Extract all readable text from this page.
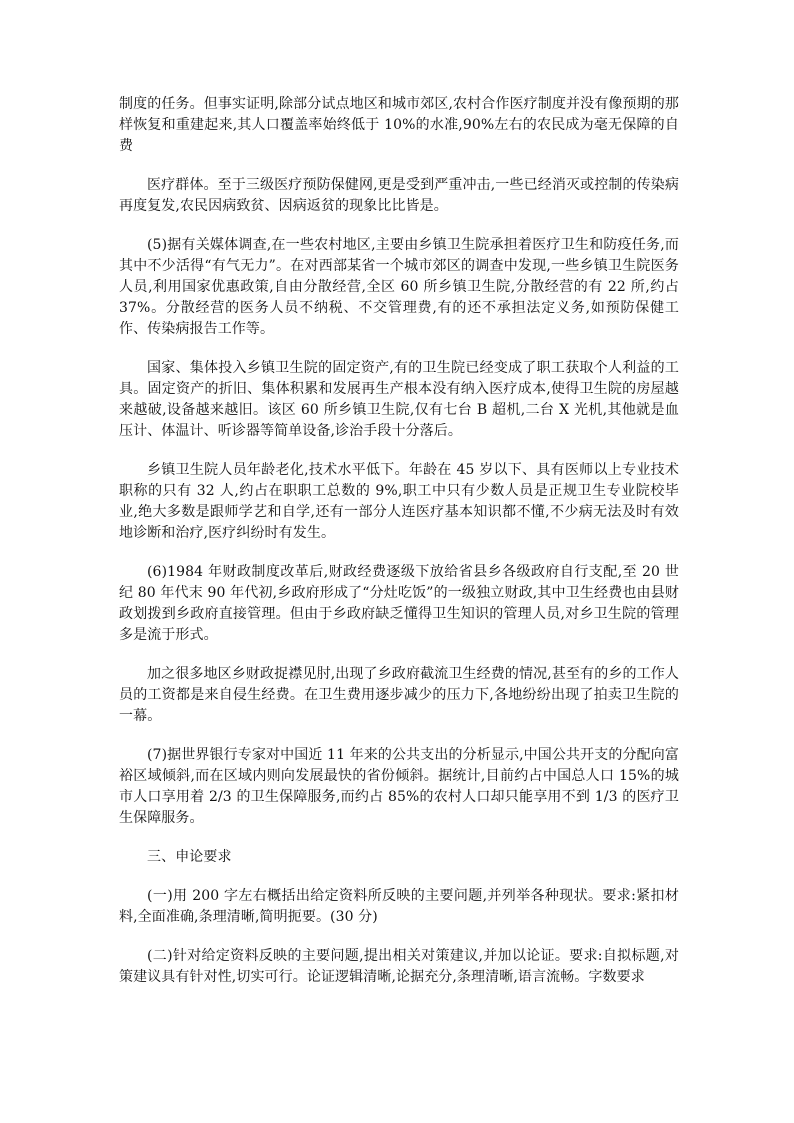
制度的任务。但事实证明,除部分试点地区和城市郊区,农村合作医疗制度并没有像预期的那样恢复和重建起来,其人口覆盖率始终低于 10%的水准,90%左右的农民成为毫无保障的自费

医疗群体。至于三级医疗预防保健网,更是受到严重冲击,一些已经消灭或控制的传染病再度复发,农民因病致贫、因病返贫的现象比比皆是。

(5)据有关媒体调查,在一些农村地区,主要由乡镇卫生院承担着医疗卫生和防疫任务,而其中不少活得“有气无力”。在对西部某省一个城市郊区的调查中发现,一些乡镇卫生院医务人员,利用国家优惠政策,自由分散经营,全区 60 所乡镇卫生院,分散经营的有 22 所,约占 37%。分散经营的医务人员不纳税、不交管理费,有的还不承担法定义务,如预防保健工作、传染病报告工作等。

国家、集体投入乡镇卫生院的固定资产,有的卫生院已经变成了职工获取个人利益的工具。固定资产的折旧、集体积累和发展再生产根本没有纳入医疗成本,使得卫生院的房屋越来越破,设备越来越旧。该区 60 所乡镇卫生院,仅有七台 B 超机,二台 X 光机,其他就是血压计、体温计、听诊器等简单设备,诊治手段十分落后。

乡镇卫生院人员年龄老化,技术水平低下。年龄在 45 岁以下、具有医师以上专业技术职称的只有 32 人,约占在职职工总数的 9%,职工中只有少数人员是正规卫生专业院校毕业,绝大多数是跟师学艺和自学,还有一部分人连医疗基本知识都不懂,不少病无法及时有效地诊断和治疗,医疗纠纷时有发生。

(6)1984 年财政制度改革后,财政经费逐级下放给省县乡各级政府自行支配,至 20 世纪 80 年代末 90 年代初,乡政府形成了“分灶吃饭”的一级独立财政,其中卫生经费也由县财政划拨到乡政府直接管理。但由于乡政府缺乏懂得卫生知识的管理人员,对乡卫生院的管理多是流于形式。

加之很多地区乡财政捉襟见肘,出现了乡政府截流卫生经费的情况,甚至有的乡的工作人员的工资都是来自侵生经费。在卫生费用逐步减少的压力下,各地纷纷出现了拍卖卫生院的一幕。

(7)据世界银行专家对中国近 11 年来的公共支出的分析显示,中国公共开支的分配向富裕区域倾斜,而在区域内则向发展最快的省份倾斜。据统计,目前约占中国总人口 15%的城市人口享用着 2/3 的卫生保障服务,而约占 85%的农村人口却只能享用不到 1/3 的医疗卫生保障服务。

三、申论要求

(一)用 200 字左右概括出给定资料所反映的主要问题,并列举各种现状。要求:紧扣材料,全面准确,条理清晰,简明扼要。(30 分)

(二)针对给定资料反映的主要问题,提出相关对策建议,并加以论证。要求:自拟标题,对策建议具有针对性,切实可行。论证逻辑清晰,论据充分,条理清晰,语言流畅。字数要求
